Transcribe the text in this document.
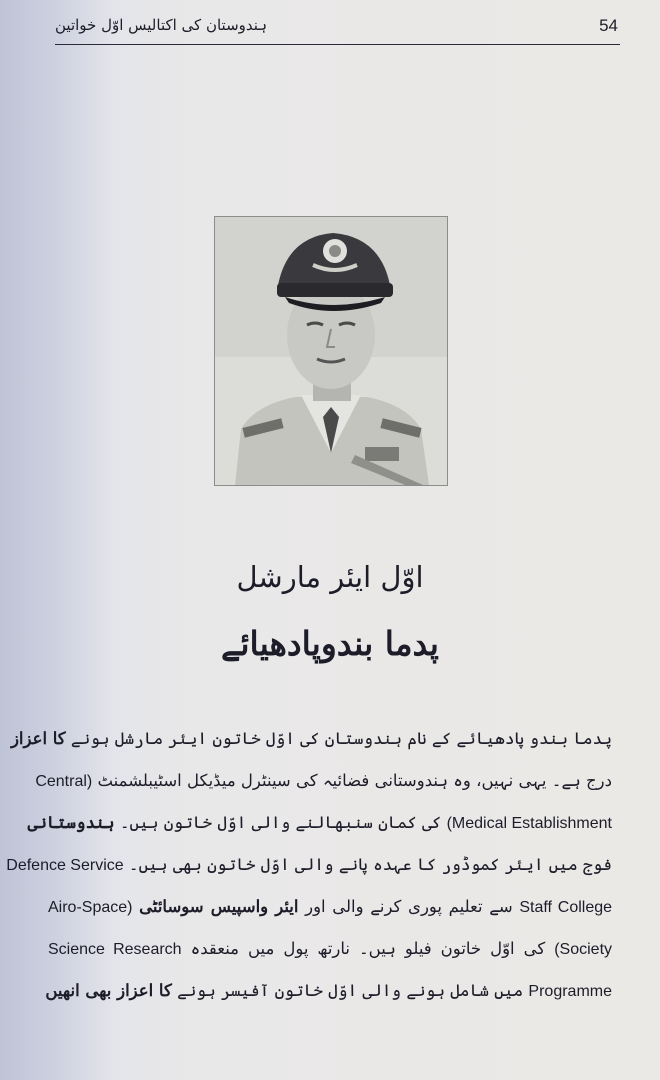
ہندوستان کی اکتالیس اوّل خواتین	54
اوّل ایئر مارشل
پدما بندوپادھیائے
پدما بندو پادھیائے کے نام ہندوستان کی اوّل خاتون ایئر مارشل ہونے کا اعزاز
درج ہے۔ یہی نہیں، وہ ہندوستانی فضائیہ کی سینٹرل میڈیکل اسٹیبلشمنٹ (Central
Medical Establishment) کی کمان سنبھالنے والی اوّل خاتون ہیں۔ ہندوستانی
فوج میں ایئر کموڈور کا عہدہ پانے والی اوّل خاتون بھی ہیں۔ Defence Service
Staff College سے تعلیم پوری کرنے والی اور ایئر واسپیس سوسائٹی (Airo-Space
Society) کی اوّل خاتون فیلو ہیں۔ نارتھ پول میں منعقدہ Science Research
Programme میں شامل ہونے والی اوّل خاتون آفیسر ہونے کا اعزاز بھی انھیں
